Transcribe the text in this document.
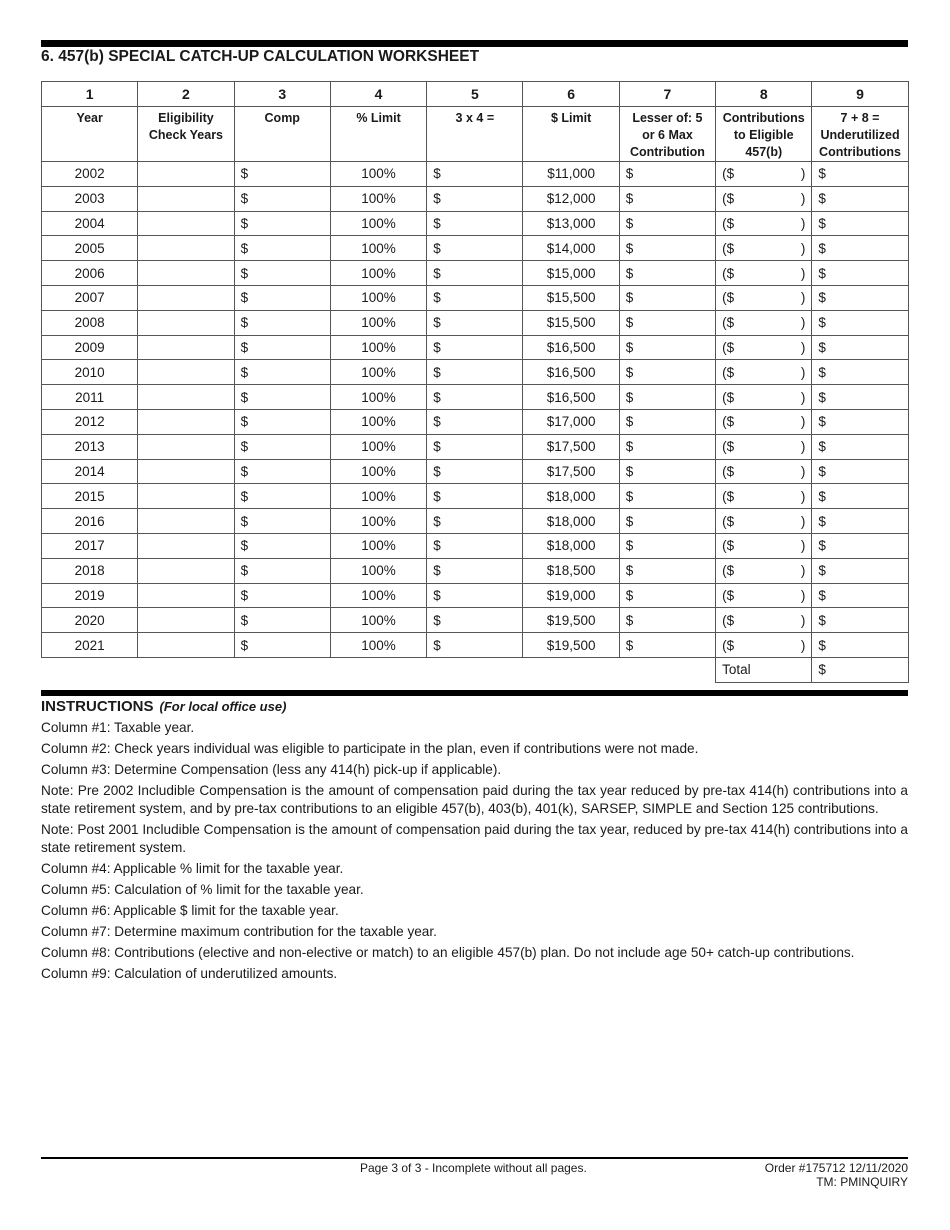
6. 457(b) SPECIAL CATCH-UP CALCULATION WORKSHEET
1	2	3	4	5	6	7	8	9
Year	Eligibility Check Years	Comp	% Limit	3 x 4 =	$ Limit	Lesser of: 5 or 6 Max Contribution	Contributions to Eligible 457(b)	7 + 8 = Underutilized Contributions
2002		$	100%	$	$11,000	$	($ )	$
2003		$	100%	$	$12,000	$	($ )	$
2004		$	100%	$	$13,000	$	($ )	$
2005		$	100%	$	$14,000	$	($ )	$
2006		$	100%	$	$15,000	$	($ )	$
2007		$	100%	$	$15,500	$	($ )	$
2008		$	100%	$	$15,500	$	($ )	$
2009		$	100%	$	$16,500	$	($ )	$
2010		$	100%	$	$16,500	$	($ )	$
2011		$	100%	$	$16,500	$	($ )	$
2012		$	100%	$	$17,000	$	($ )	$
2013		$	100%	$	$17,500	$	($ )	$
2014		$	100%	$	$17,500	$	($ )	$
2015		$	100%	$	$18,000	$	($ )	$
2016		$	100%	$	$18,000	$	($ )	$
2017		$	100%	$	$18,000	$	($ )	$
2018		$	100%	$	$18,500	$	($ )	$
2019		$	100%	$	$19,000	$	($ )	$
2020		$	100%	$	$19,500	$	($ )	$
2021		$	100%	$	$19,500	$	($ )	$
							Total	$

INSTRUCTIONS (For local office use)

Column #1: Taxable year.

Column #2: Check years individual was eligible to participate in the plan, even if contributions were not made.

Column #3: Determine Compensation (less any 414(h) pick-up if applicable).

Note: Pre 2002 Includible Compensation is the amount of compensation paid during the tax year reduced by pre-tax 414(h) contributions into a state retirement system, and by pre-tax contributions to an eligible 457(b), 403(b), 401(k), SARSEP, SIMPLE and Section 125 contributions.

Note: Post 2001 Includible Compensation is the amount of compensation paid during the tax year, reduced by pre-tax 414(h) contributions into a state retirement system.

Column #4: Applicable % limit for the taxable year.

Column #5: Calculation of % limit for the taxable year.

Column #6: Applicable $ limit for the taxable year.

Column #7: Determine maximum contribution for the taxable year.

Column #8: Contributions (elective and non-elective or match) to an eligible 457(b) plan. Do not include age 50+ catch-up contributions.

Column #9: Calculation of underutilized amounts.

Page 3 of 3 - Incomplete without all pages.	Order #175712 12/11/2020
TM: PMINQUIRY
